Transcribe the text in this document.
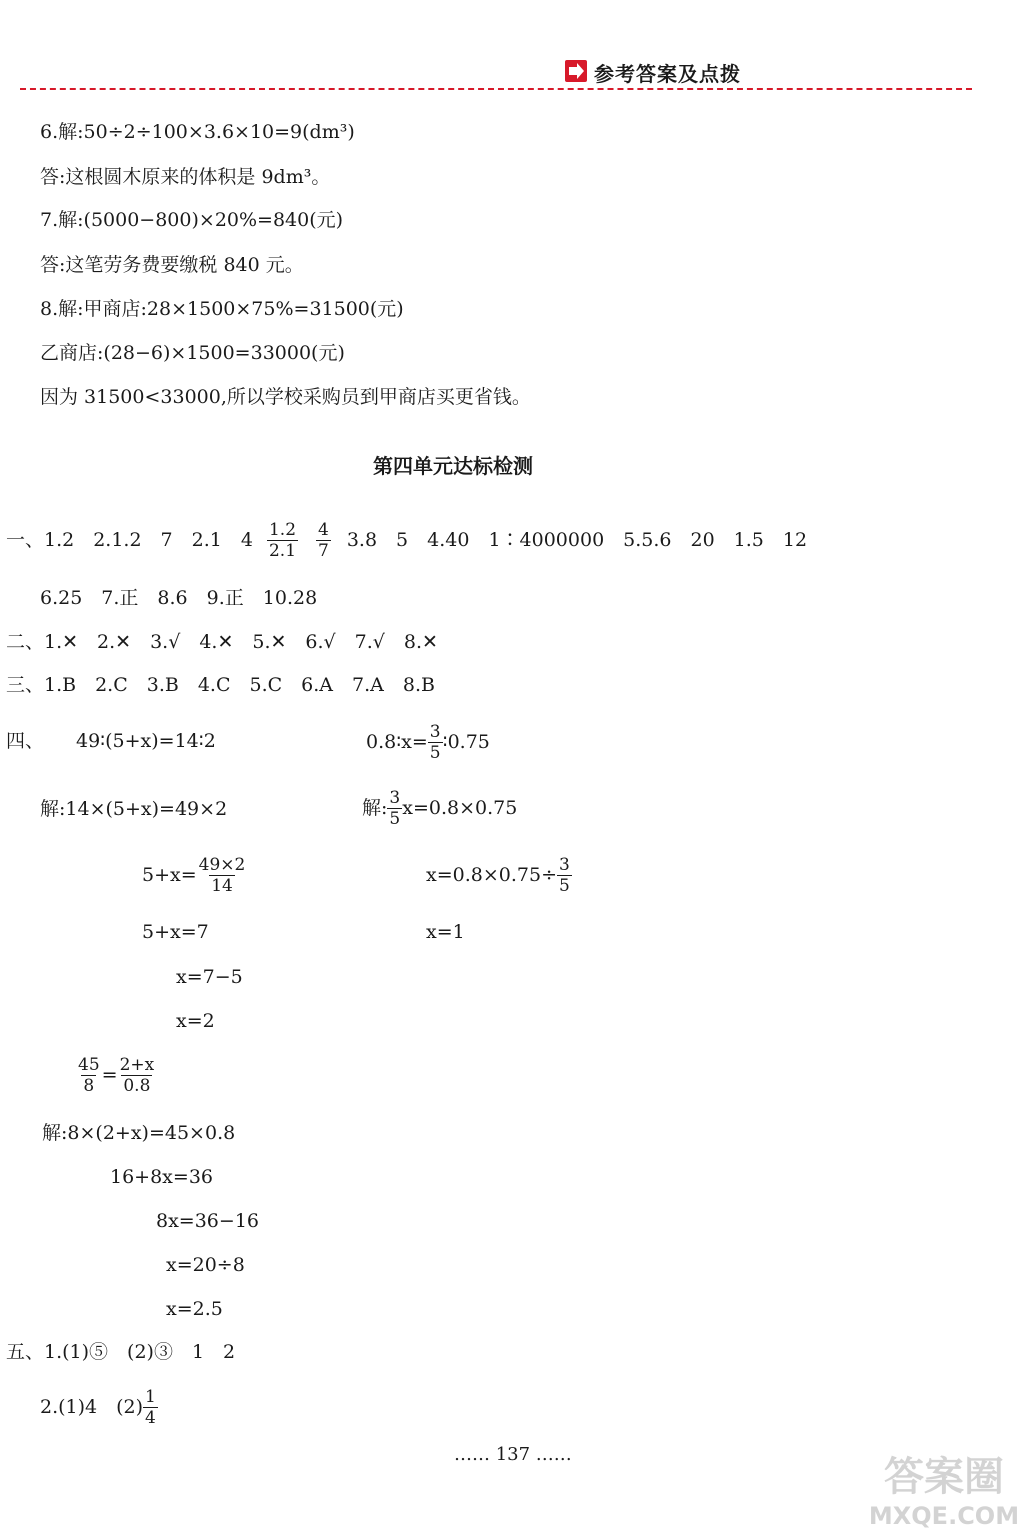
参考答案及点拨
6.解:50÷2÷100×3.6×10=9(dm³)
答:这根圆木原来的体积是 9dm³。
7.解:(5000−800)×20%=840(元)
答:这笔劳务费要缴税 840 元。
8.解:甲商店:28×1500×75%=31500(元)
乙商店:(28−6)×1500=33000(元)
因为 31500<33000,所以学校采购员到甲商店买更省钱。
第四单元达标检测
一、1.2　2.1.2　7　2.1　$4 \frac{1.2}{2.1} \frac{4}{7} 3.8$　5　4.40　1∶4000000　5.5.6　20　1.5　12
6.25　7.正　8.6　9.正　10.28
二、1.✕　2.✕　3.√　4.✕　5.✕　6.√　7.√　8.✕
三、1.B　2.C　3.B　4.C　5.C　6.A　7.A　8.B
四、 49∶(5+x)=14∶2	0.8∶x= $\frac{3}{5}$ ∶0.75
解:14×(5+x)=49×2	解: $\frac{3}{5} x=0.8\times 0.75$
$5+x= \frac{49\times 2}{14}$	$x=0.8\times 0.75\div \frac{3}{5}$
5+x=7	x=1
x=7−5
x=2
$\frac{45}{8} = \frac{2+x}{0.8}$
解:8×(2+x)=45×0.8
16+8x=36
8x=36−16
x=20÷8
x=2.5
五、1.(1)⑤　(2)③　1　2
2.(1)4　$(2) \frac{1}{4}$
…… 137 ……	答案圈
MXQE.COM
